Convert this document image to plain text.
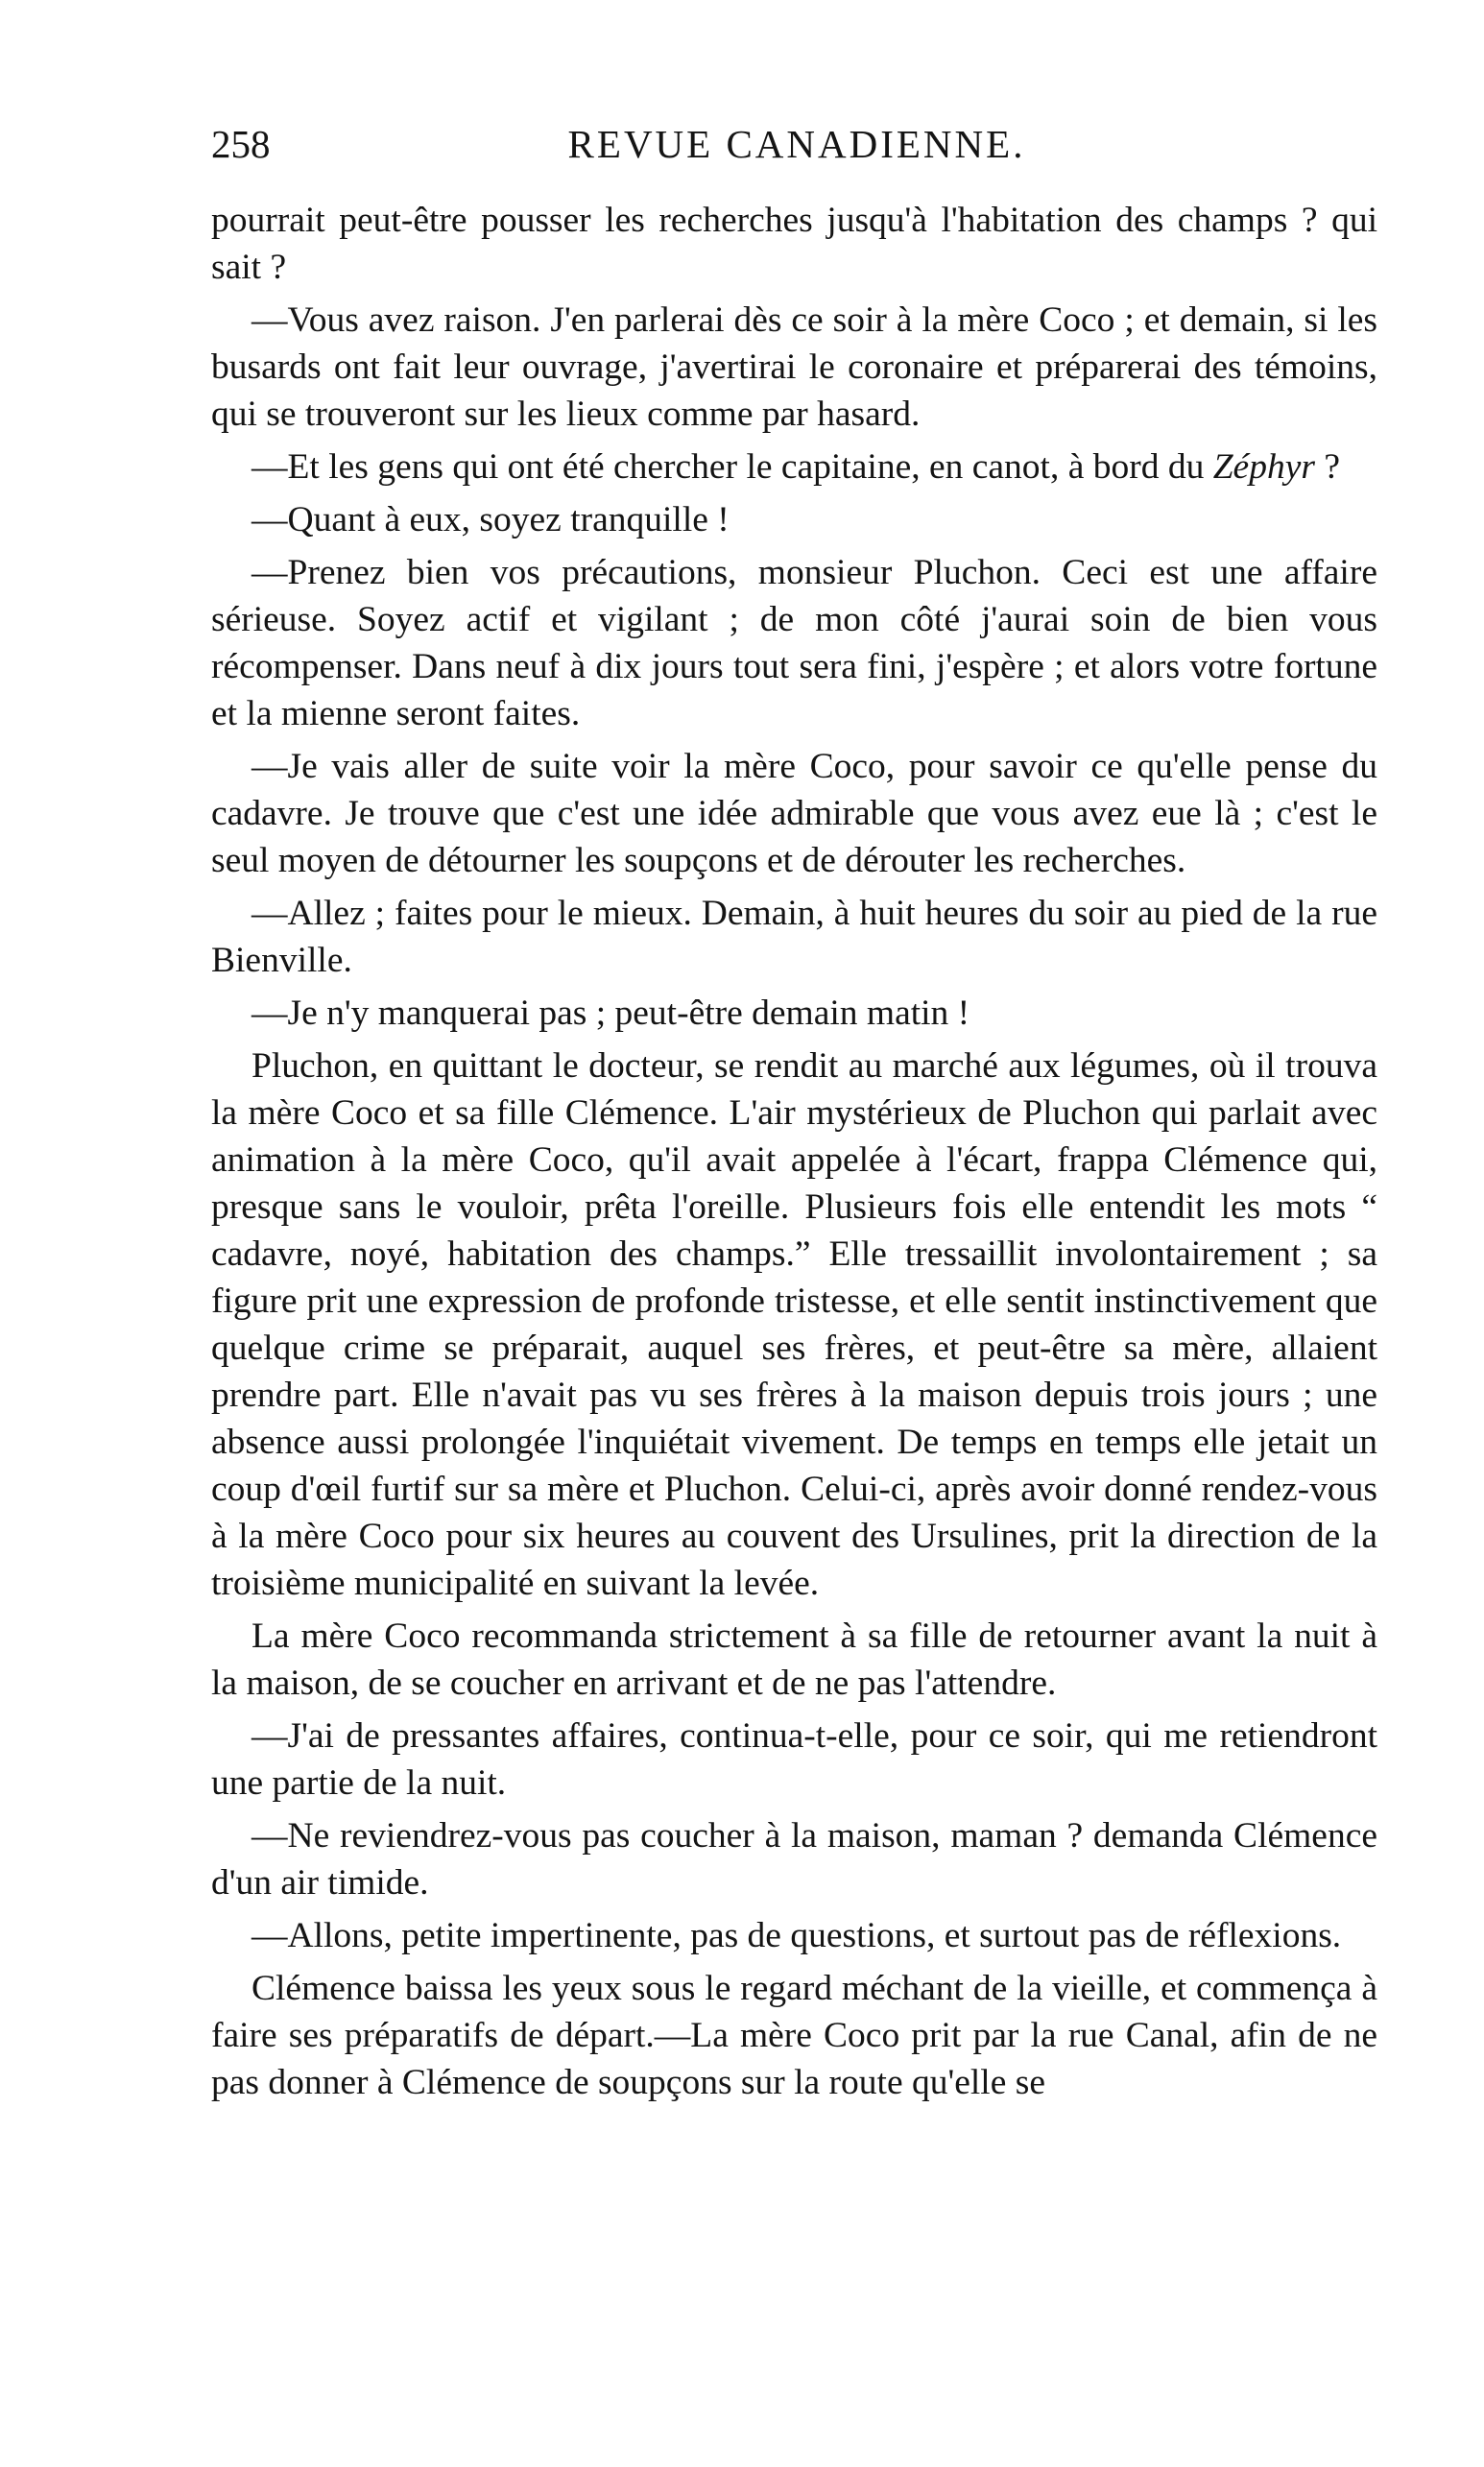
258	REVUE CANADIENNE.

pourrait peut-être pousser les recherches jusqu'à l'habitation des champs ? qui sait ?

—Vous avez raison. J'en parlerai dès ce soir à la mère Coco ; et demain, si les busards ont fait leur ouvrage, j'avertirai le coronaire et préparerai des témoins, qui se trouveront sur les lieux comme par hasard.

—Et les gens qui ont été chercher le capitaine, en canot, à bord du Zéphyr ?

—Quant à eux, soyez tranquille !

—Prenez bien vos précautions, monsieur Pluchon. Ceci est une affaire sérieuse. Soyez actif et vigilant ; de mon côté j'aurai soin de bien vous récompenser. Dans neuf à dix jours tout sera fini, j'espère ; et alors votre fortune et la mienne seront faites.

—Je vais aller de suite voir la mère Coco, pour savoir ce qu'elle pense du cadavre. Je trouve que c'est une idée admirable que vous avez eue là ; c'est le seul moyen de détourner les soupçons et de dérouter les recherches.

—Allez ; faites pour le mieux. Demain, à huit heures du soir au pied de la rue Bienville.

—Je n'y manquerai pas ; peut-être demain matin !

Pluchon, en quittant le docteur, se rendit au marché aux légumes, où il trouva la mère Coco et sa fille Clémence. L'air mystérieux de Pluchon qui parlait avec animation à la mère Coco, qu'il avait appelée à l'écart, frappa Clémence qui, presque sans le vouloir, prêta l'oreille. Plusieurs fois elle entendit les mots “ cadavre, noyé, habitation des champs.” Elle tressaillit involontairement ; sa figure prit une expression de profonde tristesse, et elle sentit instinctivement que quelque crime se préparait, auquel ses frères, et peut-être sa mère, allaient prendre part. Elle n'avait pas vu ses frères à la maison depuis trois jours ; une absence aussi prolongée l'inquiétait vivement. De temps en temps elle jetait un coup d'œil furtif sur sa mère et Pluchon. Celui-ci, après avoir donné rendez-vous à la mère Coco pour six heures au couvent des Ursulines, prit la direction de la troisième municipalité en suivant la levée.

La mère Coco recommanda strictement à sa fille de retourner avant la nuit à la maison, de se coucher en arrivant et de ne pas l'attendre.

—J'ai de pressantes affaires, continua-t-elle, pour ce soir, qui me retiendront une partie de la nuit.

—Ne reviendrez-vous pas coucher à la maison, maman ? demanda Clémence d'un air timide.

—Allons, petite impertinente, pas de questions, et surtout pas de réflexions.

Clémence baissa les yeux sous le regard méchant de la vieille, et commença à faire ses préparatifs de départ.—La mère Coco prit par la rue Canal, afin de ne pas donner à Clémence de soupçons sur la route qu'elle se
